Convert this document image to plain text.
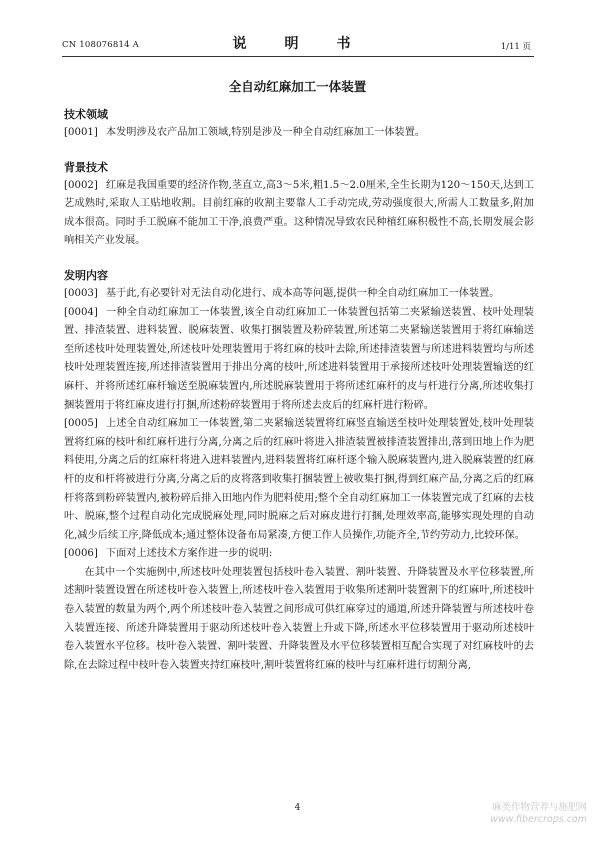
CN 108076814 A	说　明　书	1/11 页
全自动红麻加工一体装置
技术领域

[0001] 本发明涉及农产品加工领域,特别是涉及一种全自动红麻加工一体装置。

背景技术

[0002] 红麻是我国重要的经济作物,茎直立,高3～5米,粗1.5～2.0厘米,全生长期为120～150天,达到工艺成熟时,采取人工贴地收割。目前红麻的收割主要靠人工手动完成,劳动强度很大,所需人工数量多,附加成本很高。同时手工脱麻不能加工干净,浪费严重。这种情况导致农民种植红麻积极性不高,长期发展会影响相关产业发展。

发明内容

[0003] 基于此,有必要针对无法自动化进行、成本高等问题,提供一种全自动红麻加工一体装置。

[0004] 一种全自动红麻加工一体装置,该全自动红麻加工一体装置包括第二夹紧输送装置、枝叶处理装置、排渣装置、进料装置、脱麻装置、收集打捆装置及粉碎装置,所述第二夹紧输送装置用于将红麻输送至所述枝叶处理装置处,所述枝叶处理装置用于将红麻的枝叶去除,所述排渣装置与所述进料装置均与所述枝叶处理装置连接,所述排渣装置用于排出分离的枝叶,所述进料装置用于承接所述枝叶处理装置输送的红麻杆、并将所述红麻杆输送至脱麻装置内,所述脱麻装置用于将所述红麻杆的皮与杆进行分离,所述收集打捆装置用于将红麻皮进行打捆,所述粉碎装置用于将所述去皮后的红麻杆进行粉碎。

[0005] 上述全自动红麻加工一体装置,第二夹紧输送装置将红麻竖直输送至枝叶处理装置处,枝叶处理装置将红麻的枝叶和红麻杆进行分离,分离之后的红麻叶将进入排渣装置被排渣装置排出,落到田地上作为肥料使用,分离之后的红麻杆将进入进料装置内,进料装置将红麻杆逐个输入脱麻装置内,进入脱麻装置的红麻杆的皮和杆将被进行分离,分离之后的皮将落到收集打捆装置上被收集打捆,得到红麻产品,分离之后的红麻杆将落到粉碎装置内,被粉碎后排入田地内作为肥料使用;整个全自动红麻加工一体装置完成了红麻的去枝叶、脱麻,整个过程自动化完成脱麻处理,同时脱麻之后对麻皮进行打捆,处理效率高,能够实现处理的自动化,减少后续工序,降低成本;通过整体设备布局紧凑,方便工作人员操作,功能齐全,节约劳动力,比较环保。

[0006] 下面对上述技术方案作进一步的说明:

在其中一个实施例中,所述枝叶处理装置包括枝叶卷入装置、割叶装置、升降装置及水平位移装置,所述割叶装置设置在所述枝叶卷入装置上,所述枝叶卷入装置用于收集所述割叶装置割下的红麻叶,所述枝叶卷入装置的数量为两个,两个所述枝叶卷入装置之间形成可供红麻穿过的通道,所述升降装置与所述枝叶卷入装置连接、所述升降装置用于驱动所述枝叶卷入装置上升或下降,所述水平位移装置用于驱动所述枝叶卷入装置水平位移。枝叶卷入装置、割叶装置、升降装置及水平位移装置相互配合实现了对红麻枝叶的去除,在去除过程中枝叶卷入装置夹持红麻枝叶,割叶装置将红麻的枝叶与红麻杆进行切割分离,

4	麻类作物营养与施肥网
www.fibercrops.com
